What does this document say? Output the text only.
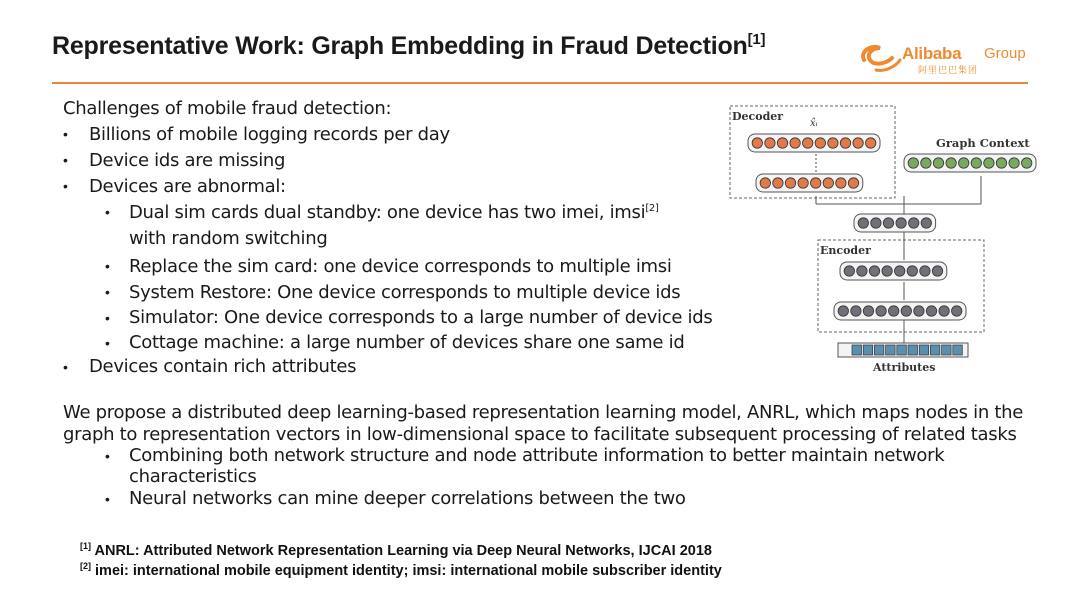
Representative Work: Graph Embedding in Fraud Detection[1]
Alibaba Group
阿里巴巴集团
Challenges of mobile fraud detection:
• Billions of mobile logging records per day
• Device ids are missing
• Devices are abnormal:
• Dual sim cards dual standby: one device has two imei, imsi[2]
with random switching
• Replace the sim card: one device corresponds to multiple imsi
• System Restore: One device corresponds to multiple device ids
• Simulator: One device corresponds to a large number of device ids
• Cottage machine: a large number of devices share one same id
• Devices contain rich attributes
We propose a distributed deep learning-based representation learning model, ANRL, which maps nodes in the
graph to representation vectors in low-dimensional space to facilitate subsequent processing of related tasks
• Combining both network structure and node attribute information to better maintain network
characteristics
• Neural networks can mine deeper correlations between the two
[1] ANRL: Attributed Network Representation Learning via Deep Neural Networks, IJCAI 2018
[2] imei: international mobile equipment identity; imsi: international mobile subscriber identity
Decoder
x̂ᵢ
Graph Context
Encoder
Attributes
